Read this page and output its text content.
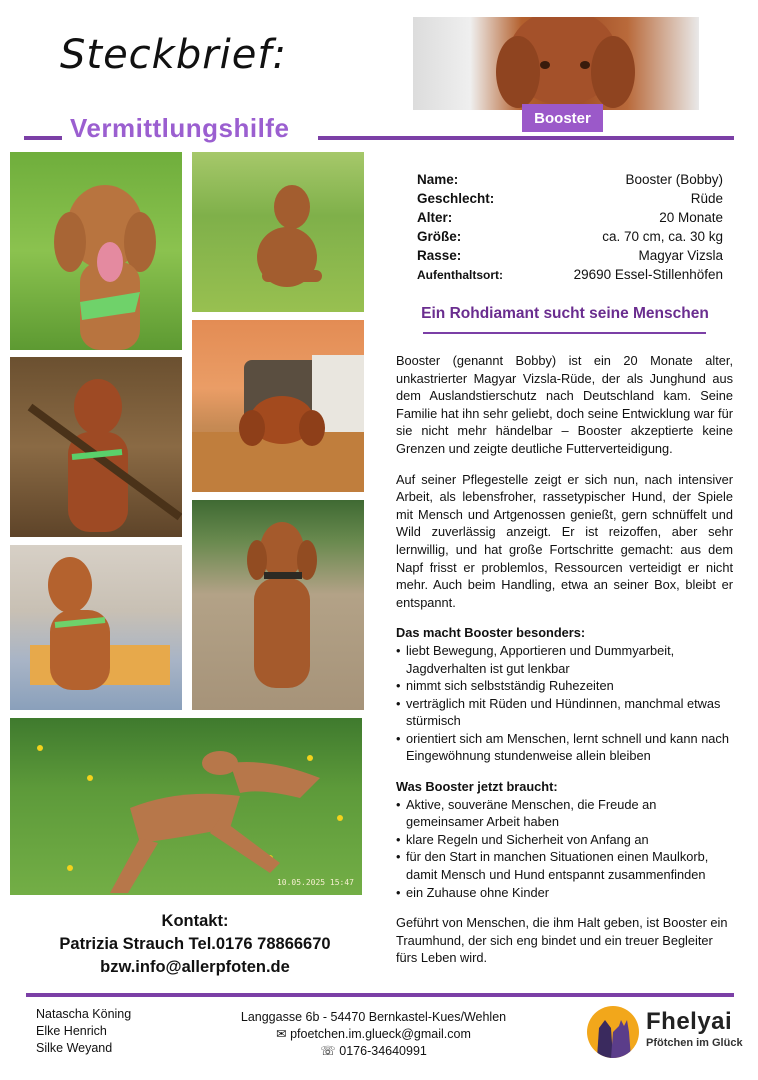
Steckbrief:
Booster
Vermittlungshilfe
10.05.2025 15:47
Name:	Booster (Bobby)
Geschlecht:	Rüde
Alter:	20 Monate
Größe:	ca. 70 cm, ca. 30 kg
Rasse:	Magyar Vizsla
Aufenthaltsort:	29690 Essel-Stillenhöfen
Ein Rohdiamant sucht seine Menschen

Booster (genannt Bobby) ist ein 20 Monate alter, unkastrierter Magyar Vizsla-Rüde, der als Junghund aus dem Auslandstierschutz nach Deutschland kam. Seine Familie hat ihn sehr geliebt, doch seine Entwicklung war für sie nicht mehr händelbar – Booster akzeptierte keine Grenzen und zeigte deutliche Futterverteidigung.

Auf seiner Pflegestelle zeigt er sich nun, nach intensiver Arbeit, als lebensfroher, rassetypischer Hund, der Spiele mit Mensch und Artgenossen genießt, gern schnüffelt und Wild zuverlässig anzeigt. Er ist reizoffen, aber sehr lernwillig, und hat große Fortschritte gemacht: aus dem Napf frisst er problemlos, Ressourcen verteidigt er nicht mehr. Auch beim Handling, etwa an seiner Box, bleibt er entspannt.

Das macht Booster besonders:
• liebt Bewegung, Apportieren und Dummyarbeit, Jagdverhalten ist gut lenkbar
• nimmt sich selbstständig Ruhezeiten
• verträglich mit Rüden und Hündinnen, manchmal etwas stürmisch
• orientiert sich am Menschen, lernt schnell und kann nach Eingewöhnung stundenweise allein bleiben
Was Booster jetzt braucht:
• Aktive, souveräne Menschen, die Freude an gemeinsamer Arbeit haben
• klare Regeln und Sicherheit von Anfang an
• für den Start in manchen Situationen einen Maulkorb, damit Mensch und Hund entspannt zusammenfinden
• ein Zuhause ohne Kinder

Geführt von Menschen, die ihm Halt geben, ist Booster ein Traumhund, der sich eng bindet und ein treuer Begleiter fürs Leben wird.

Kontakt:
Patrizia Strauch Tel.0176 78866670
bzw.info@allerpfoten.de
Natascha Köning
Elke Henrich
Silke Weyand
Langgasse 6b - 54470 Bernkastel-Kues/Wehlen
✉ pfoetchen.im.glueck@gmail.com
☏ 0176-34640991
Fhelyai
Pfötchen im Glück
